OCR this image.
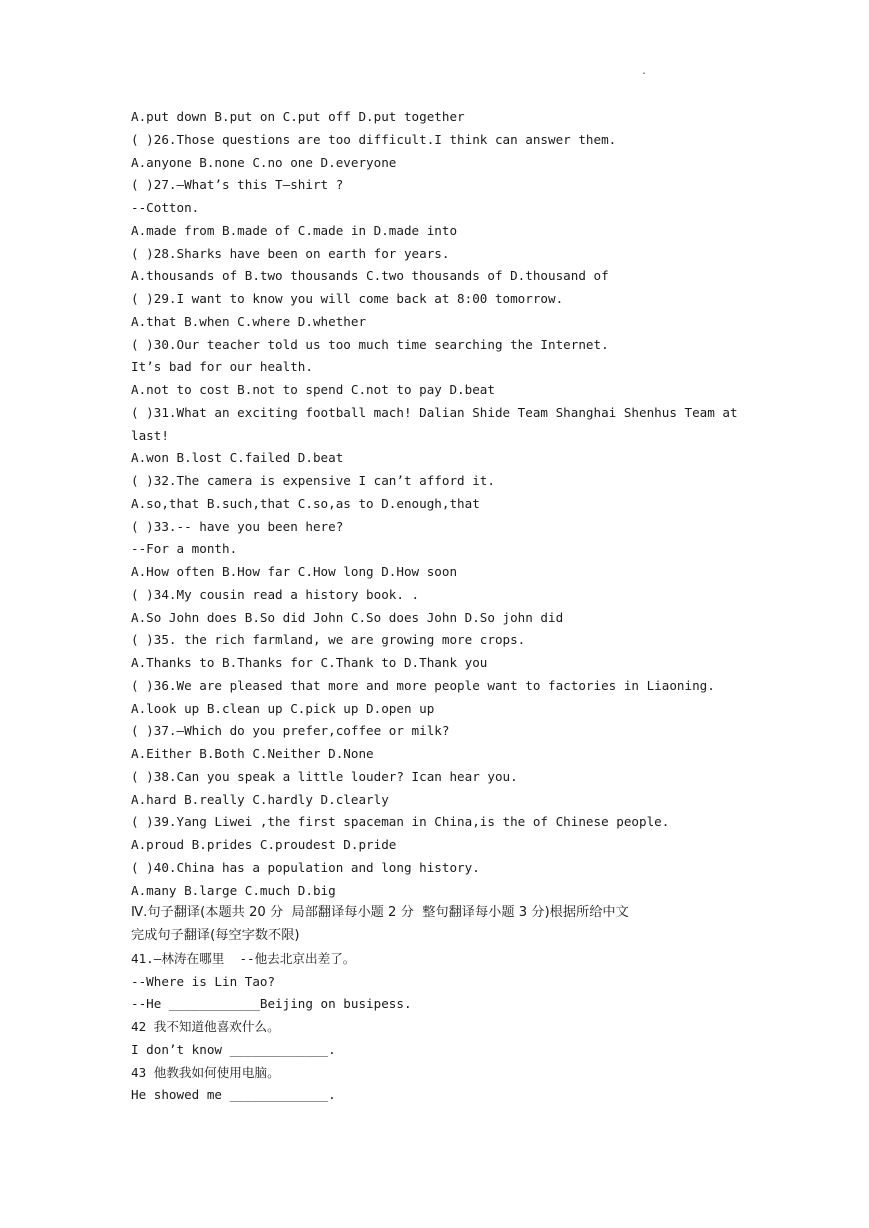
.
A.put down B.put on C.put off D.put together
( )26.Those questions are too difficult.I think can answer them.
A.anyone B.none C.no one D.everyone
( )27.—What’s this T—shirt ?
--Cotton.
A.made from B.made of C.made in D.made into
( )28.Sharks have been on earth for years.
A.thousands of B.two thousands C.two thousands of D.thousand of
( )29.I want to know you will come back at 8:00 tomorrow.
A.that B.when C.where D.whether
( )30.Our teacher told us too much time searching the Internet.
It’s bad for our health.
A.not to cost B.not to spend C.not to pay D.beat
( )31.What an exciting football mach! Dalian Shide Team Shanghai Shenhus Team at
last!
A.won B.lost C.failed D.beat
( )32.The camera is expensive I can’t afford it.
A.so,that B.such,that C.so,as to D.enough,that
( )33.-- have you been here?
--For a month.
A.How often B.How far C.How long D.How soon
( )34.My cousin read a history book. .
A.So John does B.So did John C.So does John D.So john did
( )35. the rich farmland, we are growing more crops.
A.Thanks to B.Thanks for C.Thank to D.Thank you
( )36.We are pleased that more and more people want to factories in Liaoning.
A.look up B.clean up C.pick up D.open up
( )37.—Which do you prefer,coffee or milk?
A.Either B.Both C.Neither D.None
( )38.Can you speak a little louder? Ican hear you.
A.hard B.really C.hardly D.clearly
( )39.Yang Liwei ,the first spaceman in China,is the of Chinese people.
A.proud B.prides C.proudest D.pride
( )40.China has a population and long history.
A.many B.large C.much D.big
Ⅳ.句子翻译(本题共 20 分  局部翻译每小题 2 分  整句翻译每小题 3 分)根据所给中文
完成句子翻译(每空字数不限)
41.—林涛在哪里  --他去北京出差了。
--Where is Lin Tao?
--He ____________Beijing on busipess.
42 我不知道他喜欢什么。
I don’t know _____________.
43 他教我如何使用电脑。
He showed me _____________.
